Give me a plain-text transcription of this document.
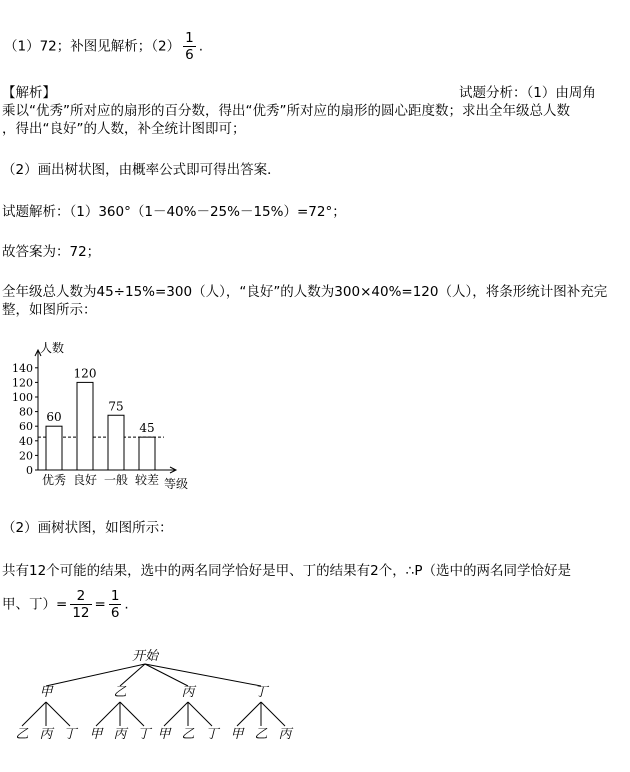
（1）72；补图见解析；$(2) \frac{1}{6}$ .
【解析】	试题分析：（1）由周角
乘以“优秀”所对应的扇形的百分数，得出“优秀”所对应的扇形的圆心距度数；求出全年级总人数
，得出“良好”的人数，补全统计图即可；
（2）画出树状图，由概率公式即可得出答案．
试题解析：（1）360°（1－40%－25%－15%）=72°；
故答案为：72；
全年级总人数为45÷15%=300（人），“良好”的人数为300×40%=120（人），将条形统计图补充完
整，如图所示：
0
20
40
60
80
100
120
140
人数
60
优秀
120
良好
75
一般
45
较差 等级
（2）画树状图，如图所示：
共有12个可能的结果，选中的两名同学恰好是甲、丁的结果有2个，∴P（选中的两名同学恰好是
甲、丁）= $\frac{2}{12} = \frac{1}{6}$ .
开始
甲
乙 丙 丁
乙
甲 丙 丁
丙
甲 乙 丁
丁
甲 乙 丙
